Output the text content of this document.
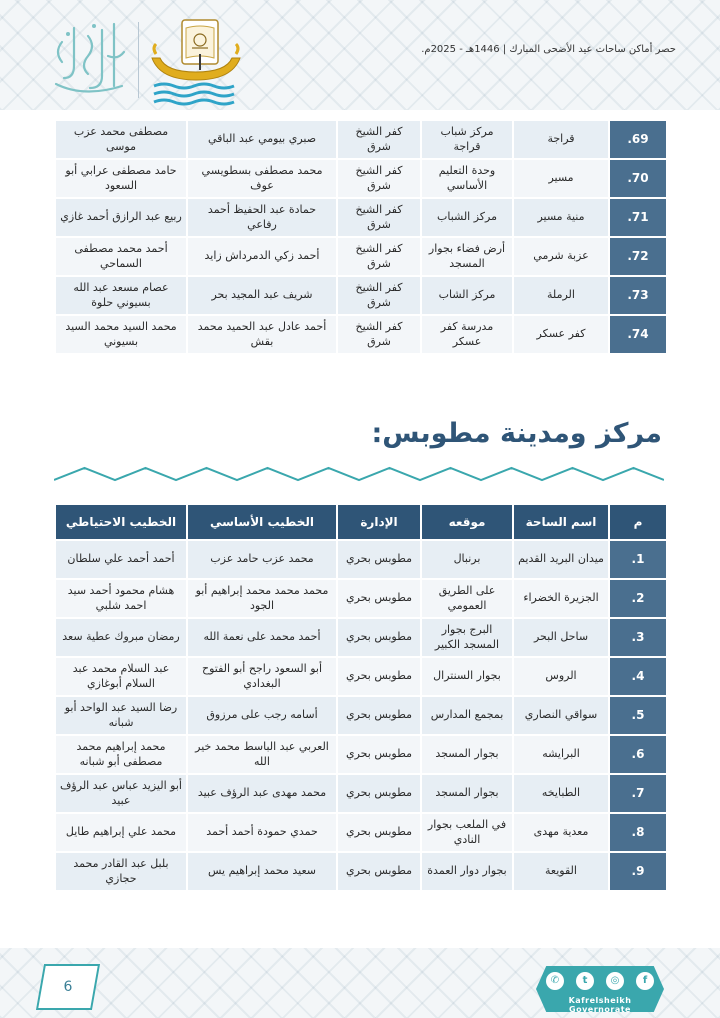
حصر أماكن ساحات عيد الأضحى المبارك | 1446هـ - 2025م.
69.	قراجة	مركز شباب قراجة	كفر الشيخ شرق	صبري بيومي عبد الباقي	مصطفى محمد عزب موسى
70.	مسير	وحدة التعليم الأساسي	كفر الشيخ شرق	محمد مصطفى بسطويسي عوف	حامد مصطفى عرابي أبو السعود
71.	منية مسير	مركز الشباب	كفر الشيخ شرق	حمادة عبد الحفيظ أحمد رفاعي	ربيع عبد الرازق أحمد غازي
72.	عزبة شرمي	أرض فضاء بجوار المسجد	كفر الشيخ شرق	أحمد زكي الدمرداش زايد	أحمد محمد مصطفى السماحي
73.	الرملة	مركز الشاب	كفر الشيخ شرق	شريف عبد المجيد بحر	عصام مسعد عبد الله بسيوني حلوة
74.	كفر عسكر	مدرسة كفر عسكر	كفر الشيخ شرق	أحمد عادل عبد الحميد محمد بقش	محمد السيد محمد السيد بسيوني
مركز ومدينة مطوبس:
م	اسم الساحة	موقعه	الإدارة	الخطيب الأساسي	الخطيب الاحتياطي
1.	ميدان البريد القديم	برنبال	مطوبس بحري	محمد عزب حامد عزب	أحمد أحمد علي سلطان
2.	الجزيرة الخضراء	على الطريق العمومي	مطوبس بحري	محمد محمد محمد إبراهيم أبو الجود	هشام محمود أحمد سيد احمد شلبي
3.	ساحل البحر	البرج بجوار المسجد الكبير	مطوبس بحري	أحمد محمد على نعمة الله	رمضان مبروك عطية سعد
4.	الروس	بجوار السنترال	مطوبس بحري	أبو السعود راجح أبو الفتوح البغدادي	عبد السلام محمد عبد السلام أبوغازي
5.	سواقي النصاري	بمجمع المدارس	مطوبس بحري	أسامه رجب على مرزوق	رضا السيد عبد الواحد أبو شبانه
6.	البرايشه	بجوار المسجد	مطوبس بحري	العربي عبد الباسط محمد خير الله	محمد إبراهيم محمد مصطفى أبو شبانه
7.	الطبايخه	بجوار المسجد	مطوبس بحري	محمد مهدى عبد الرؤف عبيد	أبو اليزيد عباس عبد الرؤف عبيد
8.	معدية مهدى	في الملعب بجوار النادي	مطوبس بحري	حمدي حمودة أحمد أحمد	محمد علي إبراهيم طايل
9.	القويعة	بجوار دوار العمدة	مطوبس بحري	سعيد محمد إبراهيم يس	بلبل عبد القادر محمد حجازي
6	✆	t	◎	f
Kafrelsheikh Governorate
